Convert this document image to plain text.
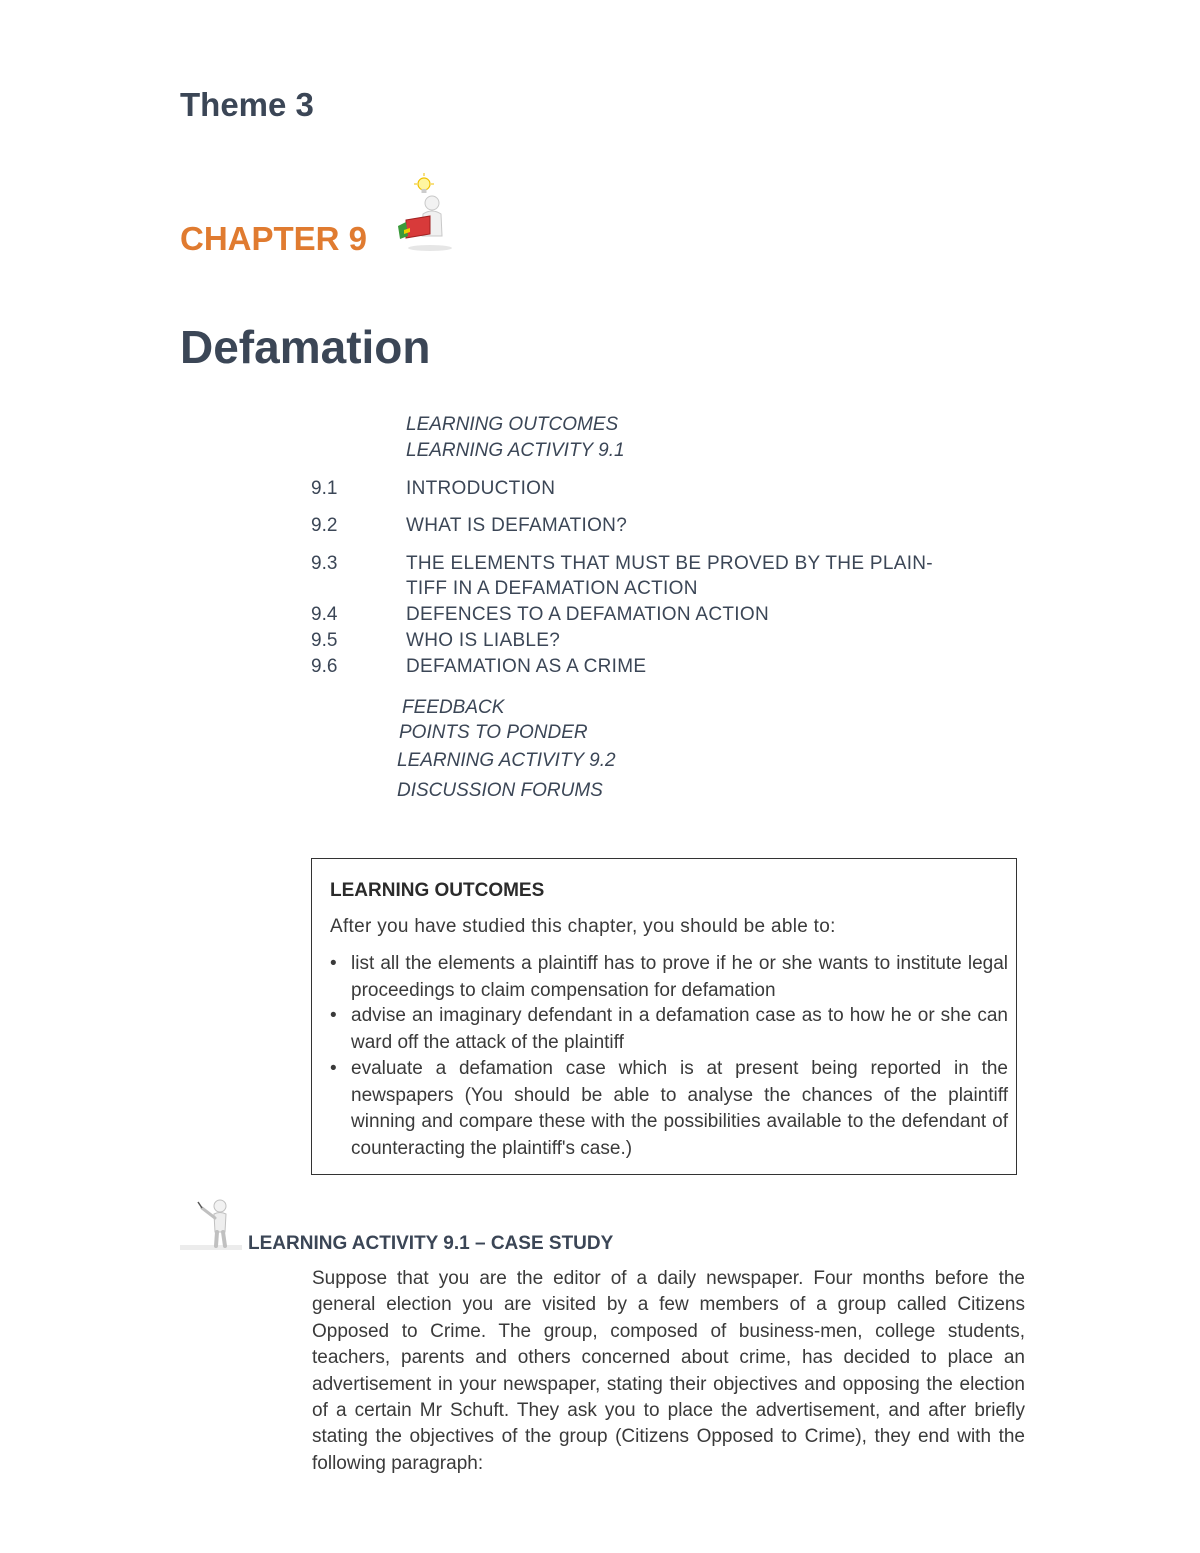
Theme 3
CHAPTER 9
Defamation
LEARNING OUTCOMES
LEARNING ACTIVITY 9.1
9.1	INTRODUCTION
9.2	WHAT IS DEFAMATION?
9.3	THE ELEMENTS THAT MUST BE PROVED BY THE PLAIN-
TIFF IN A DEFAMATION ACTION
9.4	DEFENCES TO A DEFAMATION ACTION
9.5	WHO IS LIABLE?
9.6	DEFAMATION AS A CRIME
FEEDBACK
POINTS TO PONDER
LEARNING ACTIVITY 9.2
DISCUSSION FORUMS
LEARNING OUTCOMES
After you have studied this chapter, you should be able to:
• list all the elements a plaintiff has to prove if he or she wants to institute legal proceedings to claim compensation for defamation
• advise an imaginary defendant in a defamation case as to how he or she can ward off the attack of the plaintiff
• evaluate a defamation case which is at present being reported in the newspapers (You should be able to analyse the chances of the plaintiff winning and compare these with the possibilities available to the defendant of counteracting the plaintiff's case.)
LEARNING ACTIVITY 9.1 – CASE STUDY
Suppose that you are the editor of a daily newspaper. Four months before the general election you are visited by a few members of a group called Citizens Opposed to Crime. The group, composed of business-men, college students, teachers, parents and others concerned about crime, has decided to place an advertisement in your newspaper, stating their objectives and opposing the election of a certain Mr Schuft. They ask you to place the advertisement, and after briefly stating the objectives of the group (Citizens Opposed to Crime), they end with the following paragraph:
